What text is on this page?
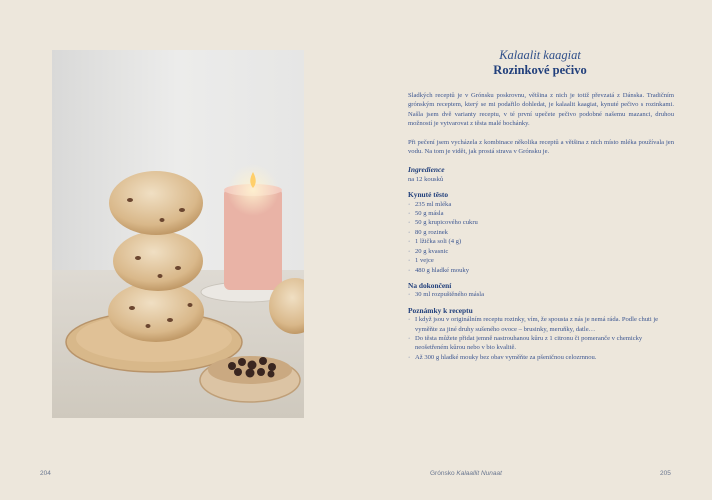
Kalaalit kaagiat
Rozinkové pečivo

Sladkých receptů je v Grónsku poskrovnu, většina z nich je totiž převzatá z Dánska. Tradičním grónským receptem, který se mi podařilo dohledat, je kalaalit kaagiat, kynuté pečivo s rozinkami. Našla jsem dvě varianty receptu, v té první upečete pečivo podobné našemu mazanci, druhou možností je vytvarovat z těsta malé bochánky.

Při pečení jsem vycházela z kombinace několika receptů a většina z nich místo mléka používala jen vodu. Na tom je vidět, jak prostá strava v Grónsku je.

Ingredience
na 12 kousků
Kynuté těsto
· 235 ml mléka
· 50 g másla
· 50 g krupicového cukru
· 80 g rozinek
· 1 lžička soli (4 g)
· 20 g kvasnic
· 1 vejce
· 480 g hladké mouky
Na dokončení
· 30 ml rozpuštěného másla
Poznámky k receptu
· I když jsou v originálním receptu rozinky, vím, že spousta z nás je nemá ráda. Podle chuti je vyměňte za jiné druhy sušeného ovoce – brusinky, meruňky, datle…
· Do těsta můžete přidat jemně nastrouhanou kůru z 1 citronu či pomeranče v chemicky neošetřeném kůrou nebo v bio kvalitě.
· Až 300 g hladké mouky bez obav vyměňte za pšeničnou celozrnnou.
204	Grónsko Kalaallit Nunaat	205
